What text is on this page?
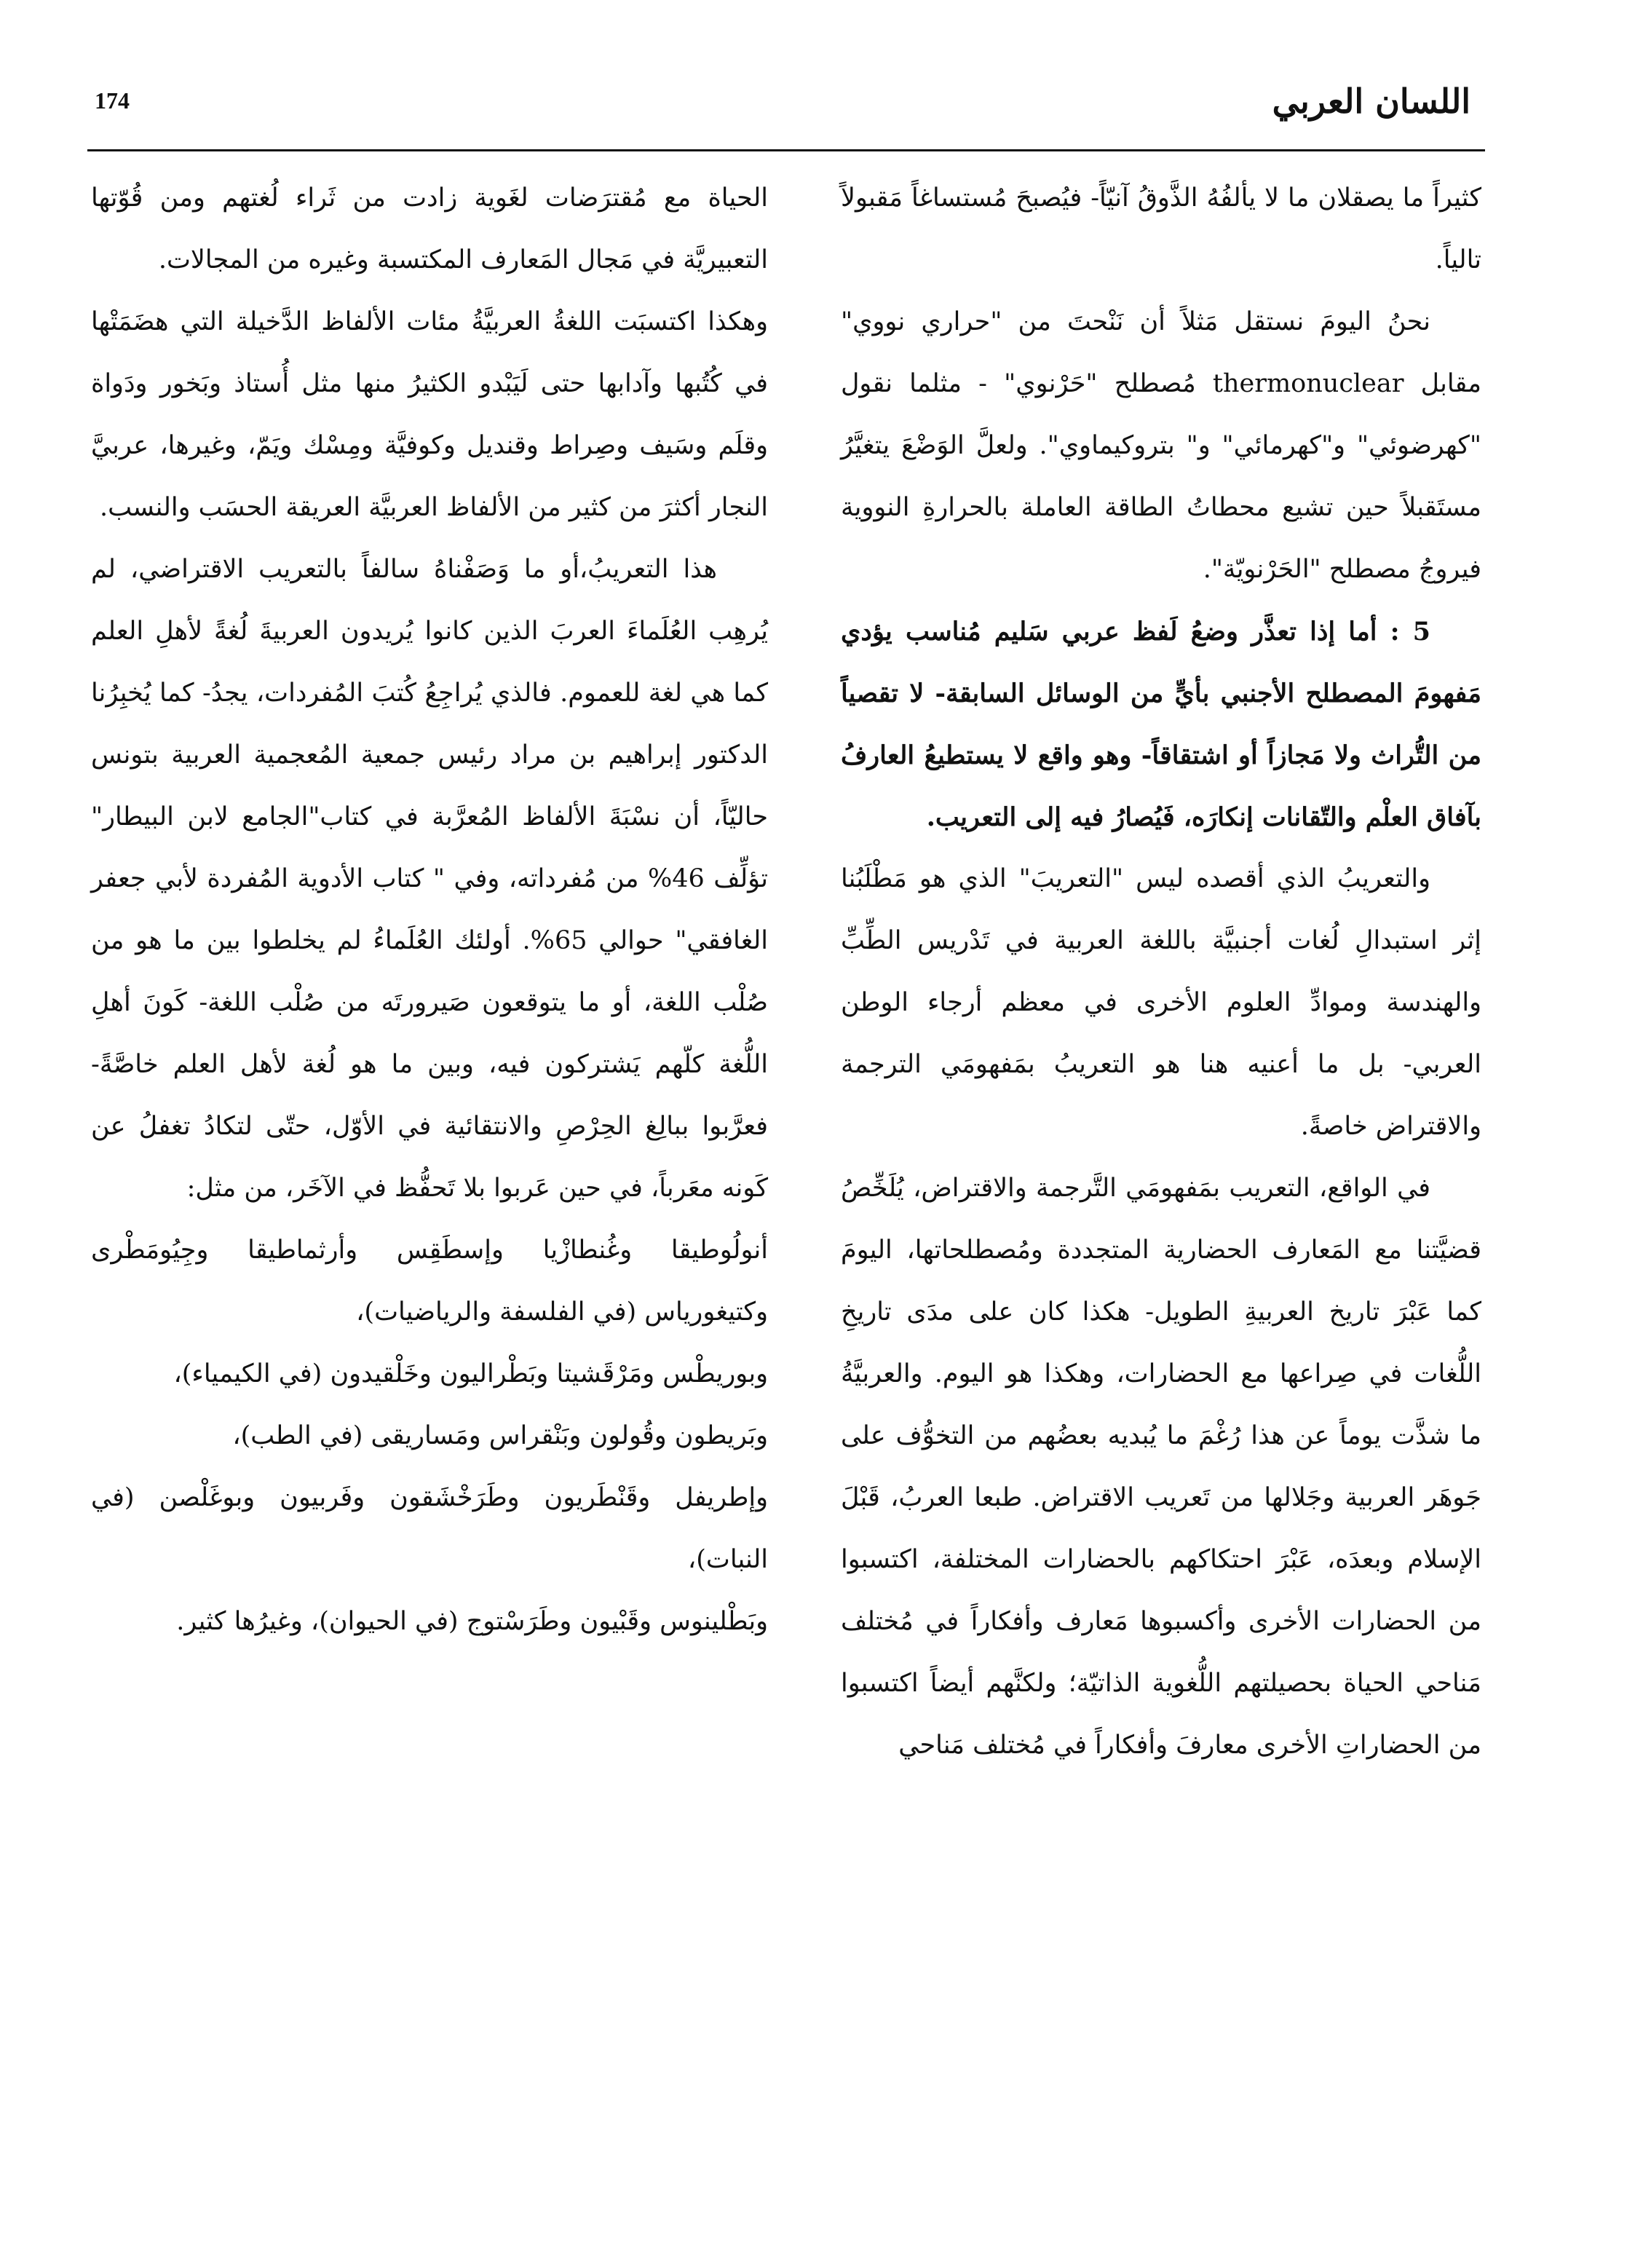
174	اللسان العربي

كثيراً ما يصقلان ما لا يألفُهُ الذَّوقُ آنيّاً- فيُصبحَ مُستساغاً مَقبولاً تالياً.

نحنُ اليومَ نستقل مَثلاً أن نَنْحتَ من "حراري نووي" مقابل thermonuclear مُصطلح "حَرْنوي" - مثلما نقول "كهرضوئي" و"كهرمائي" و" بتروكيماوي". ولعلَّ الوَضْعَ يتغيَّرُ مستَقبلاً حين تشيع محطاتُ الطاقة العاملة بالحرارةِ النووية فيروجُ مصطلح "الحَرْنويّة".

5 : أما إذا تعذَّر وضعُ لَفظ عربي سَليم مُناسب يؤدي مَفهومَ المصطلح الأجنبي بأيٍّ من الوسائل السابقة- لا تقصياً من التُّراث ولا مَجازاً أو اشتقاقاً- وهو واقع لا يستطيعُ العارفُ بآفاق العلْم والتّقانات إنكارَه، فَيُصارُ فيه إلى التعريب.

والتعريبُ الذي أقصده ليس "التعريبَ" الذي هو مَطْلَبُنا إثر استبدالِ لُغات أجنبيَّة باللغة العربية في تَدْريس الطِّبِّ والهندسة وموادِّ العلوم الأخرى في معظم أرجاء الوطن العربي- بل ما أعنيه هنا هو التعريبُ بمَفهومَي الترجمة والاقتراض خاصةً.

في الواقع، التعريب بمَفهومَي التَّرجمة والاقتراض، يُلَخِّصُ قضيَّتنا مع المَعارف الحضارية المتجددة ومُصطلحاتها، اليومَ كما عَبْرَ تاريخ العربيةِ الطويل- هكذا كان على مدَى تاريخِ اللُّغات في صِراعها مع الحضارات، وهكذا هو اليوم. والعربيَّةُ ما شذَّت يوماً عن هذا رُغْمَ ما يُبديه بعضُهم من التخوُّف على جَوهَر العربية وجَلالها من تَعريب الاقتراض. طبعا العربُ، قَبْلَ الإسلام وبعدَه، عَبْرَ احتكاكهم بالحضارات المختلفة، اكتسبوا من الحضارات الأخرى وأكسبوها مَعارف وأفكاراً في مُختلف مَناحي الحياة بحصيلتهم اللُّغوية الذاتيّة؛ ولكنَّهم أيضاً اكتسبوا من الحضاراتِ الأخرى معارفَ وأفكاراً في مُختلف مَناحي

الحياة مع مُقترَضات لغَوية زادت من ثَراء لُغتهم ومن قُوّتها التعبيريَّة في مَجال المَعارف المكتسبة وغيره من المجالات.

وهكذا اكتسبَت اللغةُ العربيَّةُ مئات الألفاظ الدَّخيلة التي هضَمَتْها في كُتُبها وآدابها حتى لَيَبْدو الكثيرُ منها مثل أُستاذ وبَخور ودَواة وقلَم وسَيف وصِراط وقنديل وكوفيَّة ومِسْك ويَمّ، وغيرها، عربيَّ النجار أكثرَ من كثير من الألفاظ العربيَّة العريقة الحسَب والنسب.

هذا التعريبُ،أو ما وَصَفْناهُ سالفاً بالتعريب الاقتراضي، لم يُرهِب العُلَماءَ العربَ الذين كانوا يُريدون العربيةَ لُغةً لأهلِ العلم كما هي لغة للعموم. فالذي يُراجِعُ كُتبَ المُفردات، يجدُ- كما يُخبِرُنا الدكتور إبراهيم بن مراد رئيس جمعية المُعجمية العربية بتونس حاليّاً، أن نسْبَةَ الألفاظ المُعرَّبة في كتاب"الجامع لابن البيطار" تؤلِّف 46% من مُفرداته، وفي " كتاب الأدوية المُفردة لأبي جعفر الغافقي" حوالي 65%. أولئك العُلَماءُ لم يخلطوا بين ما هو من صُلْب اللغة، أو ما يتوقعون صَيرورتَه من صُلْب اللغة- كَونَ أهلِ اللُّغة كلّهم يَشتركون فيه، وبين ما هو لُغة لأهل العلم خاصَّةً- فعرَّبوا ببالِغ الحِرْصِ والانتقائية في الأوّل، حتّى لتكادُ تغفلُ عن كَونه معَرباً، في حين عَربوا بلا تَحفُّظ في الآخَر، من مثل:

أنولُوطيقا وغُنطازْيا وإسطَقِس وأرثماطيقا وجِيُومَطْرى وكتيغورياس (في الفلسفة والرياضيات)،

وبوريطْس ومَرْقَشيتا وبَطْراليون وخَلْقيدون (في الكيمياء)،

وبَريطون وقُولون وبَنْقراس ومَساريقى (في الطب)،

وإطريفل وقَنْطَريون وطَرَخْشَقون وفَربيون وبوغَلْصن (في النبات)،

وبَطْلينوس وقَبْيون وطَرَسْتوج (في الحيوان)، وغيرُها كثير.
